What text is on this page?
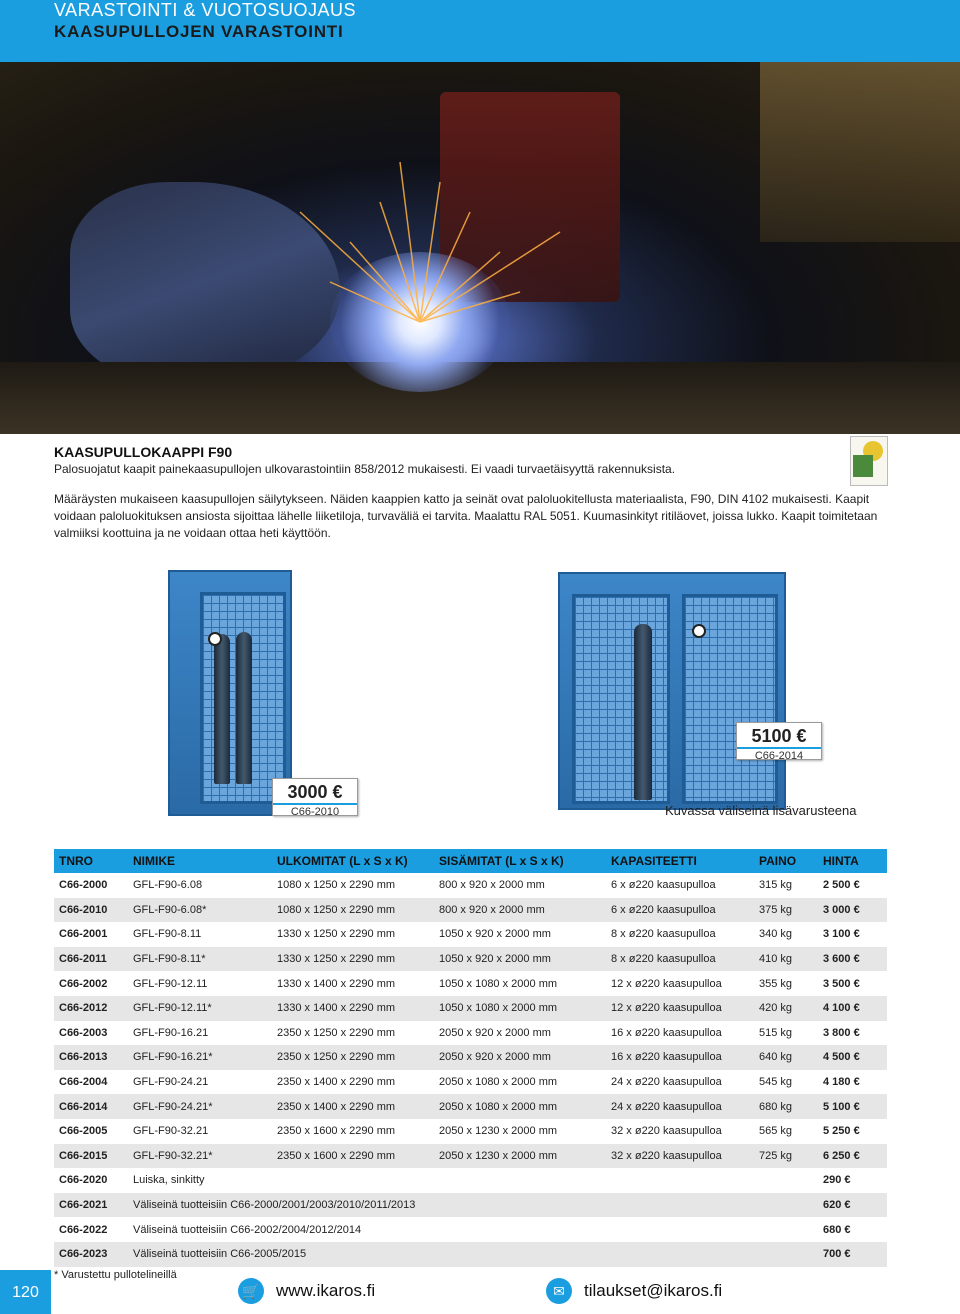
VARASTOINTI & VUOTOSUOJAUS
KAASUPULLOJEN VARASTOINTI
KAASUPULLOKAAPPI F90
Palosuojatut kaapit painekaasupullojen ulkovarastointiin 858/2012 mukaisesti. Ei vaadi turvaetäisyyttä rakennuksista.
Määräysten mukaiseen kaasupullojen säilytykseen. Näiden kaappien katto ja seinät ovat paloluokitellusta materiaalista, F90, DIN 4102 mukaisesti. Kaapit voidaan paloluokituksen ansiosta sijoittaa lähelle liiketiloja, turvaväliä ei tarvita. Maalattu RAL 5051. Kuumasinkityt ritiläovet, joissa lukko. Kaapit toimitetaan valmiiksi koottuina ja ne voidaan ottaa heti käyttöön.
3000 €
C66-2010
5100 €
C66-2014
Kuvassa väliseinä lisävarusteena
TNRO	NIMIKE	ULKOMITAT (L x S x K)	SISÄMITAT (L x S x K)	KAPASITEETTI	PAINO	HINTA
C66-2000	GFL-F90-6.08	1080 x 1250 x 2290 mm	800 x 920 x 2000 mm	6 x ø220 kaasupulloa	315 kg	2 500 €
C66-2010	GFL-F90-6.08*	1080 x 1250 x 2290 mm	800 x 920 x 2000 mm	6 x ø220 kaasupulloa	375 kg	3 000 €
C66-2001	GFL-F90-8.11	1330 x 1250 x 2290 mm	1050 x 920 x 2000 mm	8 x ø220 kaasupulloa	340 kg	3 100 €
C66-2011	GFL-F90-8.11*	1330 x 1250 x 2290 mm	1050 x 920 x 2000 mm	8 x ø220 kaasupulloa	410 kg	3 600 €
C66-2002	GFL-F90-12.11	1330 x 1400 x 2290 mm	1050 x 1080 x 2000 mm	12 x ø220 kaasupulloa	355 kg	3 500 €
C66-2012	GFL-F90-12.11*	1330 x 1400 x 2290 mm	1050 x 1080 x 2000 mm	12 x ø220 kaasupulloa	420 kg	4 100 €
C66-2003	GFL-F90-16.21	2350 x 1250 x 2290 mm	2050 x 920 x 2000 mm	16 x ø220 kaasupulloa	515 kg	3 800 €
C66-2013	GFL-F90-16.21*	2350 x 1250 x 2290 mm	2050 x 920 x 2000 mm	16 x ø220 kaasupulloa	640 kg	4 500 €
C66-2004	GFL-F90-24.21	2350 x 1400 x 2290 mm	2050 x 1080 x 2000 mm	24 x ø220 kaasupulloa	545 kg	4 180 €
C66-2014	GFL-F90-24.21*	2350 x 1400 x 2290 mm	2050 x 1080 x 2000 mm	24 x ø220 kaasupulloa	680 kg	5 100 €
C66-2005	GFL-F90-32.21	2350 x 1600 x 2290 mm	2050 x 1230 x 2000 mm	32 x ø220 kaasupulloa	565 kg	5 250 €
C66-2015	GFL-F90-32.21*	2350 x 1600 x 2290 mm	2050 x 1230 x 2000 mm	32 x ø220 kaasupulloa	725 kg	6 250 €
C66-2020	Luiska, sinkitty					290 €
C66-2021	Väliseinä tuotteisiin C66-2000/2001/2003/2010/2011/2013					620 €
C66-2022	Väliseinä tuotteisiin C66-2002/2004/2012/2014					680 €
C66-2023	Väliseinä tuotteisiin C66-2005/2015					700 €
* Varustettu pullotelineillä
120	🛒 www.ikaros.fi	✉	tilaukset@ikaros.fi
